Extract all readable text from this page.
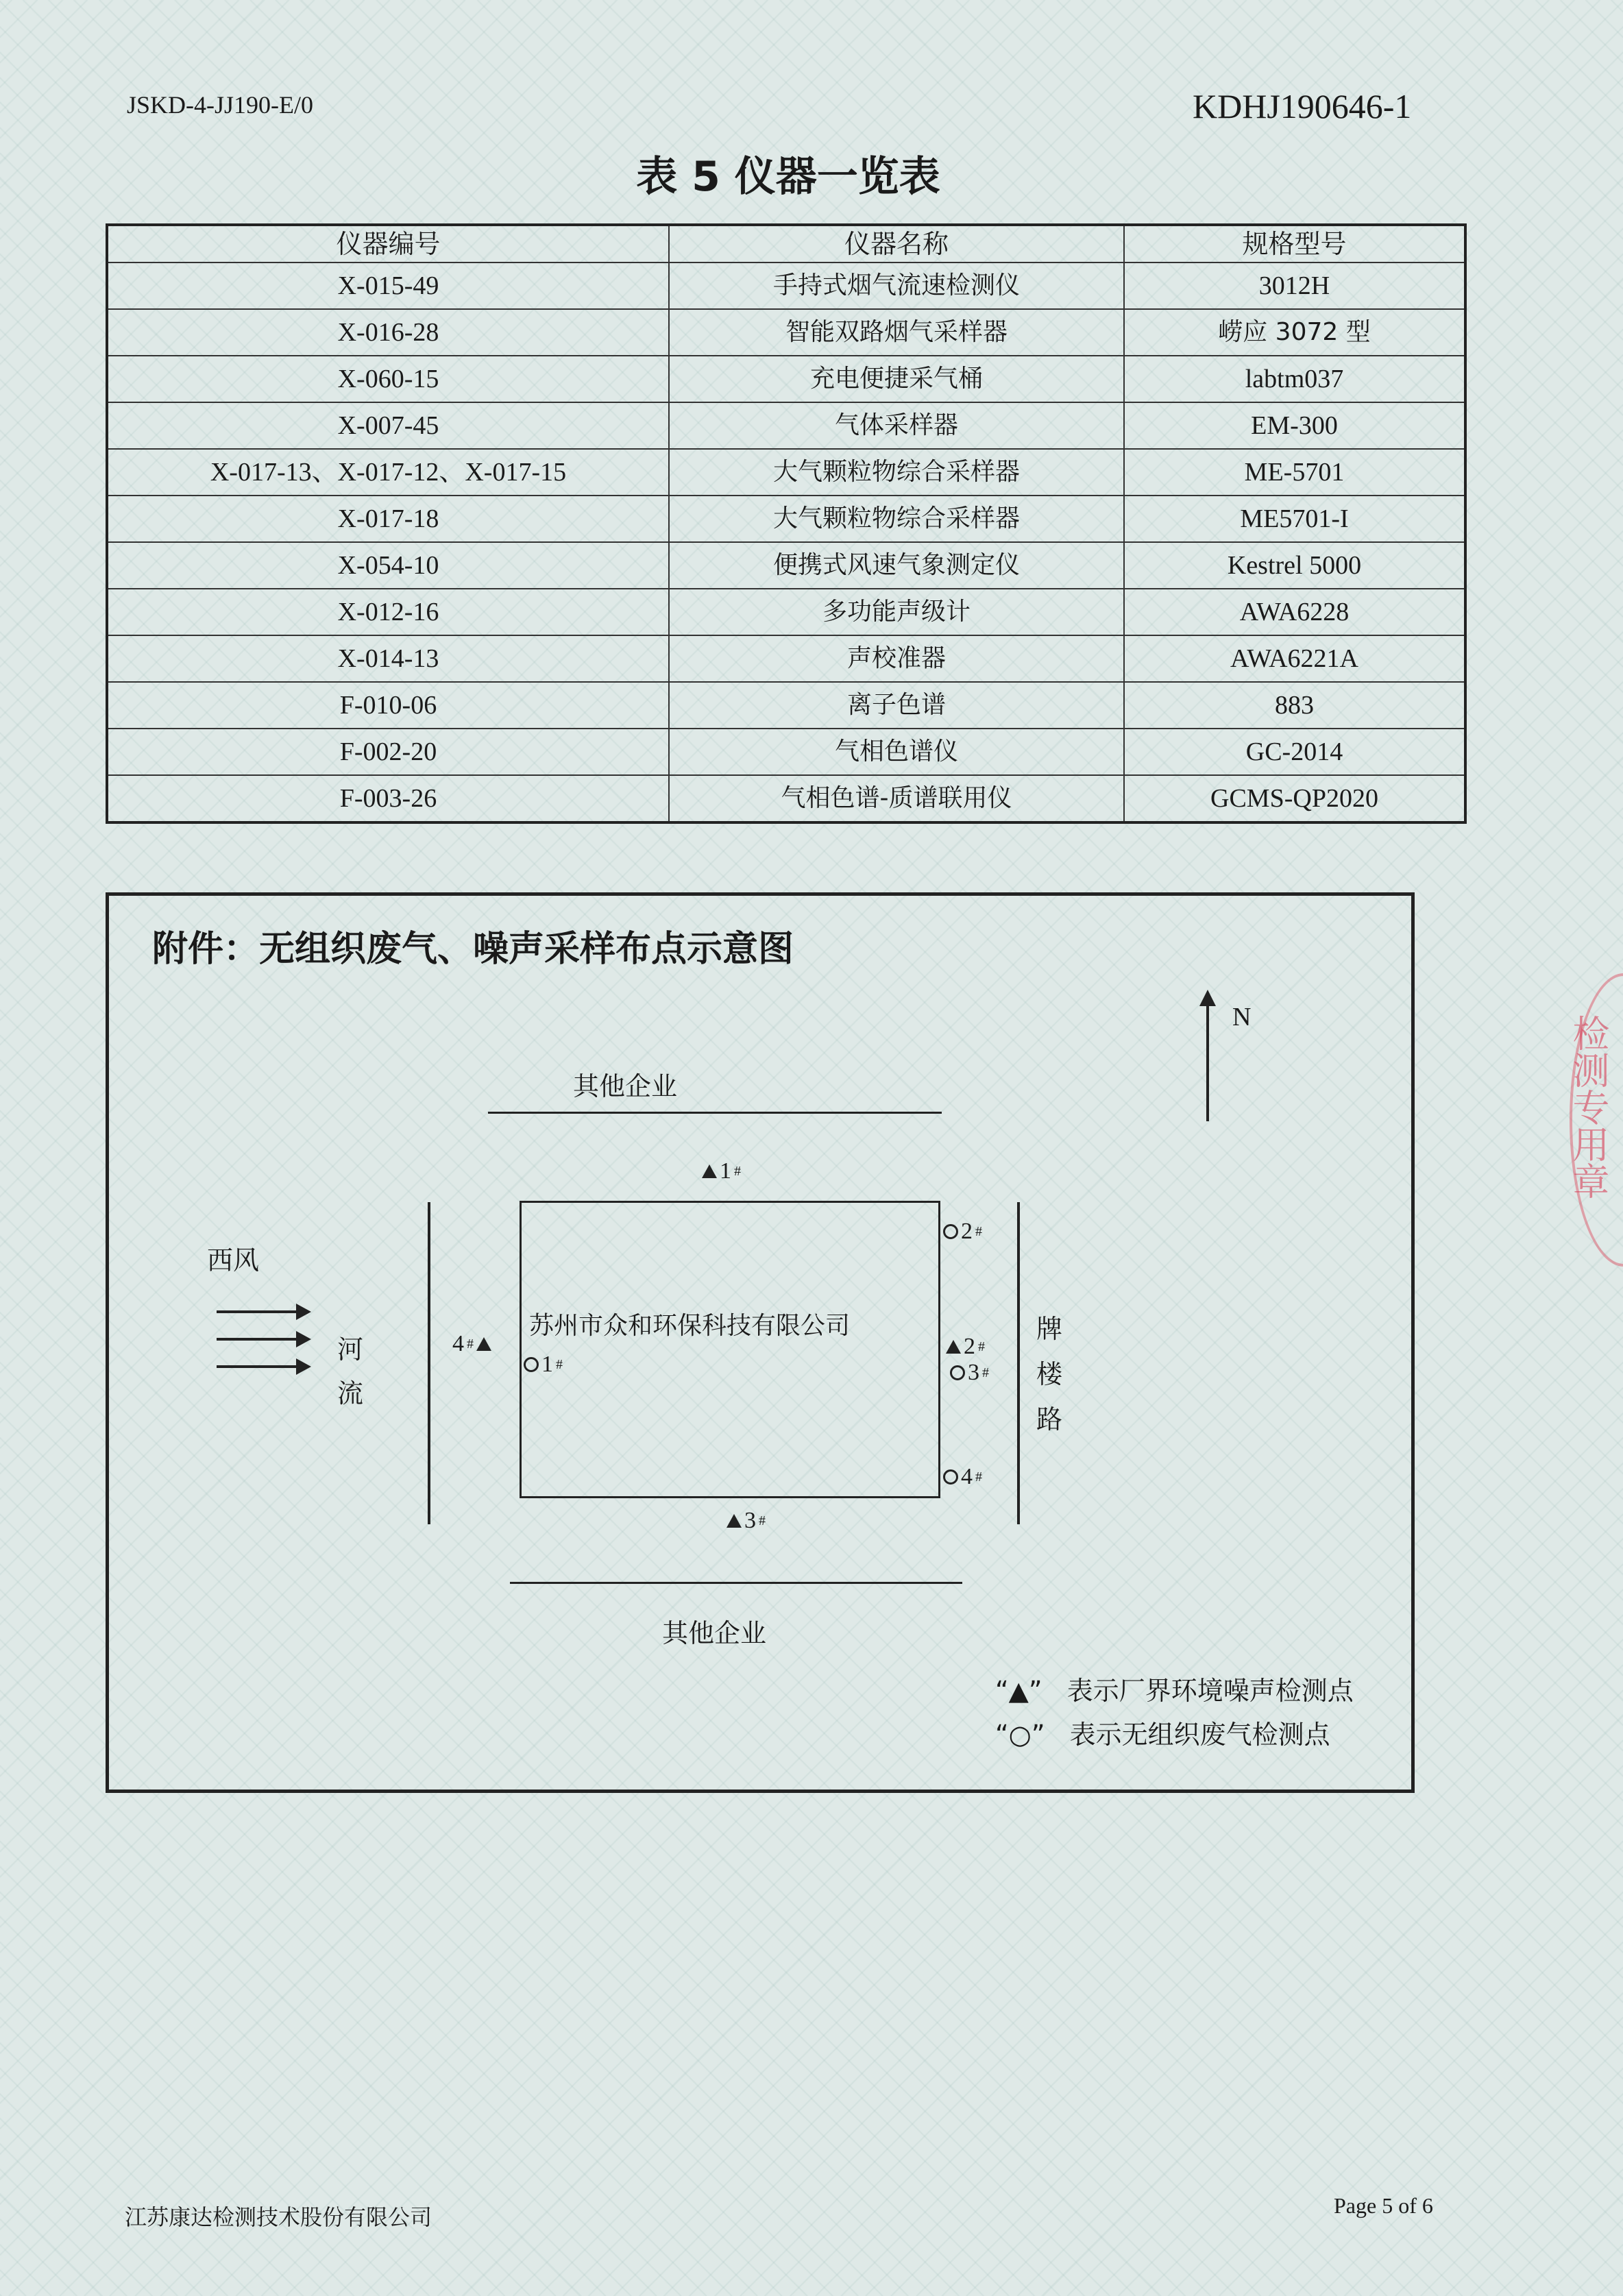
JSKD-4-JJ190-E/0	KDHJ190646-1
表 5 仪器一览表
仪器编号	仪器名称	规格型号
X-015-49	手持式烟气流速检测仪	3012H
X-016-28	智能双路烟气采样器	崂应 3072 型
X-060-15	充电便捷采气桶	labtm037
X-007-45	气体采样器	EM-300
X-017-13、X-017-12、X-017-15	大气颗粒物综合采样器	ME-5701
X-017-18	大气颗粒物综合采样器	ME5701-I
X-054-10	便携式风速气象测定仪	Kestrel 5000
X-012-16	多功能声级计	AWA6228
X-014-13	声校准器	AWA6221A
F-010-06	离子色谱	883
F-002-20	气相色谱仪	GC-2014
F-003-26	气相色谱-质谱联用仪	GCMS-QP2020
附件：无组织废气、噪声采样布点示意图
N
其他企业
其他企业
西风
河
流
牌
楼
路
苏州市众和环保科技有限公司
1 #
2 #
3 #
4 #
1 #
2 #
3 #
4 #
“▲” 表示厂界环境噪声检测点
“○” 表示无组织废气检测点
检测专用章
江苏康达检测技术股份有限公司	Page 5 of 6
